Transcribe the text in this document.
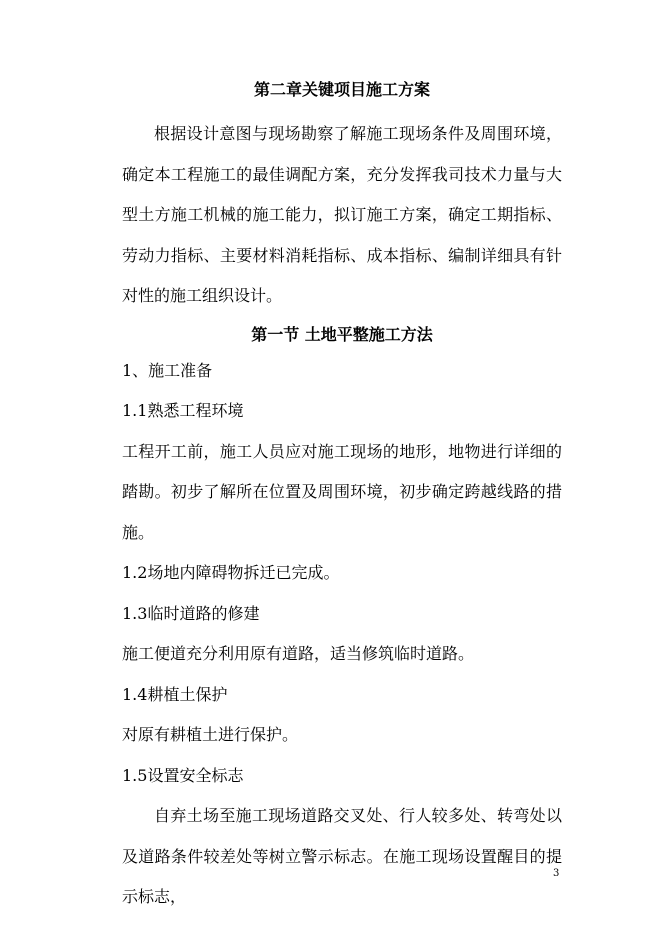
第二章关键项目施工方案

根据设计意图与现场勘察了解施工现场条件及周围环境，确定本工程施工的最佳调配方案，充分发挥我司技术力量与大型土方施工机械的施工能力，拟订施工方案，确定工期指标、劳动力指标、主要材料消耗指标、成本指标、编制详细具有针对性的施工组织设计。

第一节 土地平整施工方法

1、施工准备

1.1熟悉工程环境

工程开工前，施工人员应对施工现场的地形，地物进行详细的踏勘。初步了解所在位置及周围环境，初步确定跨越线路的措施。

1.2场地内障碍物拆迁已完成。

1.3临时道路的修建

施工便道充分利用原有道路，适当修筑临时道路。

1.4耕植土保护

对原有耕植土进行保护。

1.5设置安全标志

自弃土场至施工现场道路交叉处、行人较多处、转弯处以及道路条件较差处等树立警示标志。在施工现场设置醒目的提示标志，

3
